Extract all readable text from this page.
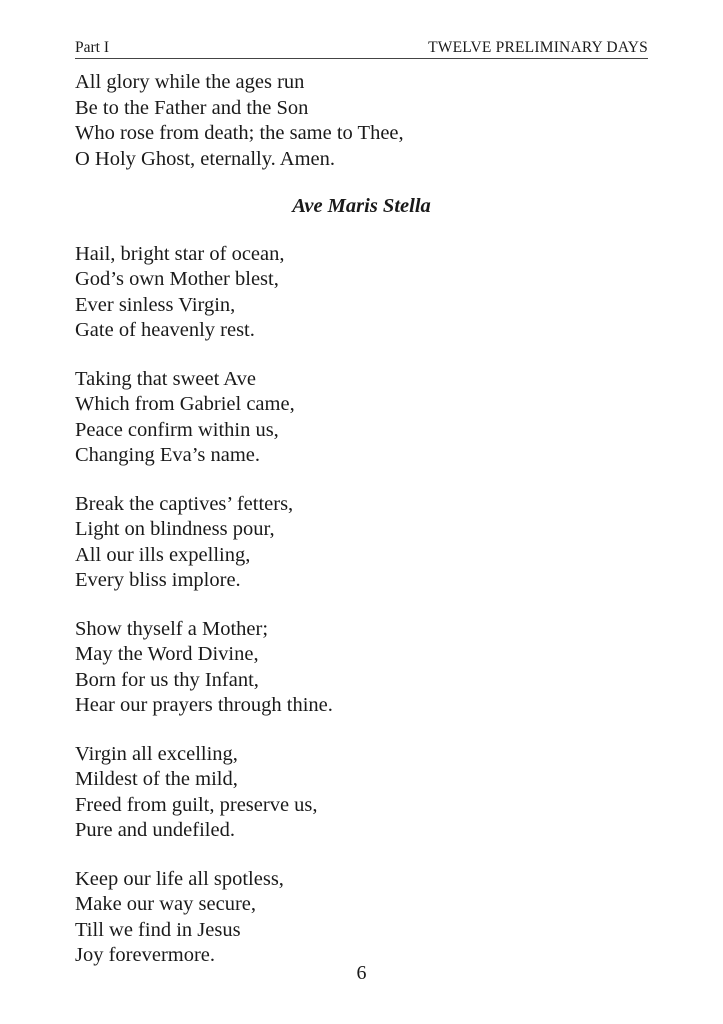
Part I	TWELVE PRELIMINARY DAYS
All glory while the ages run
Be to the Father and the Son
Who rose from death; the same to Thee,
O Holy Ghost, eternally. Amen.
Ave Maris Stella
Hail, bright star of ocean,
God’s own Mother blest,
Ever sinless Virgin,
Gate of heavenly rest.
Taking that sweet Ave
Which from Gabriel came,
Peace confirm within us,
Changing Eva’s name.
Break the captives’ fetters,
Light on blindness pour,
All our ills expelling,
Every bliss implore.
Show thyself a Mother;
May the Word Divine,
Born for us thy Infant,
Hear our prayers through thine.
Virgin all excelling,
Mildest of the mild,
Freed from guilt, preserve us,
Pure and undefiled.
Keep our life all spotless,
Make our way secure,
Till we find in Jesus
Joy forevermore.
6
